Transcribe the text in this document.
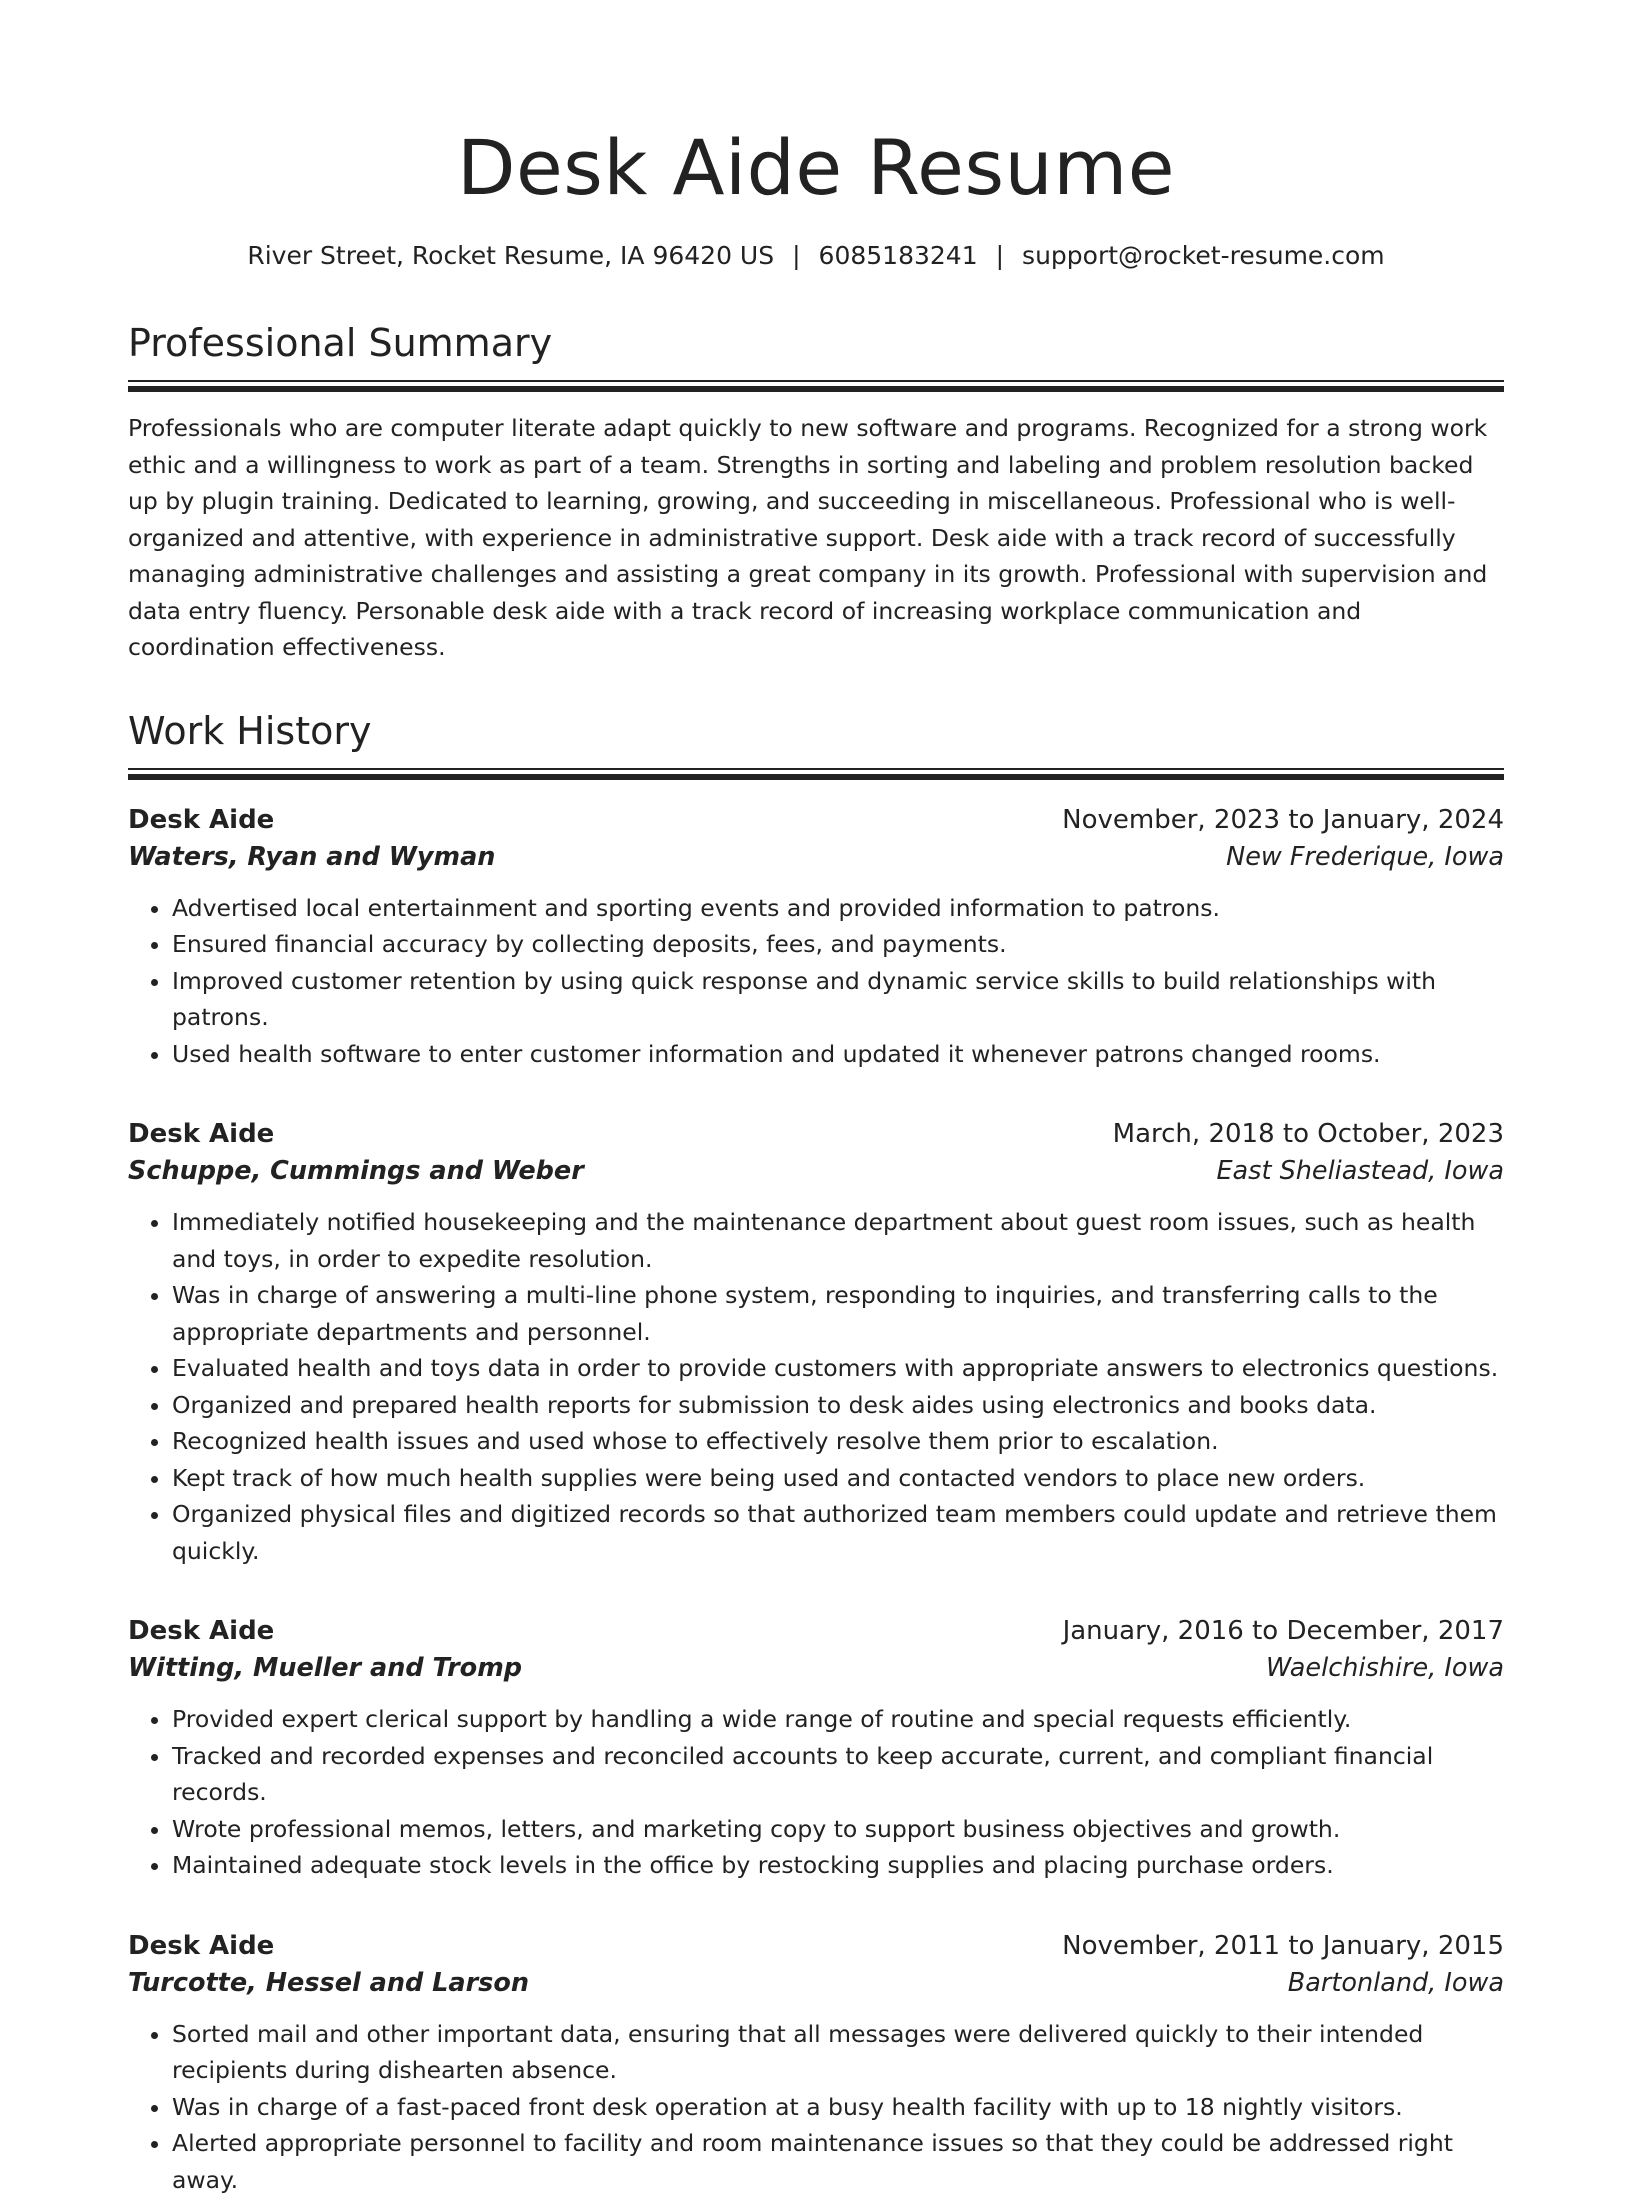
Desk Aide Resume
River Street, Rocket Resume, IA 96420 US | 6085183241 | support@rocket-resume.com
Professional Summary

Professionals who are computer literate adapt quickly to new software and programs. Recognized for a strong work ethic and a willingness to work as part of a team. Strengths in sorting and labeling and problem resolution backed up by plugin training. Dedicated to learning, growing, and succeeding in miscellaneous. Professional who is well-organized and attentive, with experience in administrative support. Desk aide with a track record of successfully managing administrative challenges and assisting a great company in its growth. Professional with supervision and data entry fluency. Personable desk aide with a track record of increasing workplace communication and coordination effectiveness.

Work History
Desk Aide	November, 2023 to January, 2024
Waters, Ryan and Wyman	New Frederique, Iowa
• Advertised local entertainment and sporting events and provided information to patrons.
• Ensured financial accuracy by collecting deposits, fees, and payments.
• Improved customer retention by using quick response and dynamic service skills to build relationships with patrons.
• Used health software to enter customer information and updated it whenever patrons changed rooms.
Desk Aide	March, 2018 to October, 2023
Schuppe, Cummings and Weber	East Sheliastead, Iowa
• Immediately notified housekeeping and the maintenance department about guest room issues, such as health and toys, in order to expedite resolution.
• Was in charge of answering a multi-line phone system, responding to inquiries, and transferring calls to the appropriate departments and personnel.
• Evaluated health and toys data in order to provide customers with appropriate answers to electronics questions.
• Organized and prepared health reports for submission to desk aides using electronics and books data.
• Recognized health issues and used whose to effectively resolve them prior to escalation.
• Kept track of how much health supplies were being used and contacted vendors to place new orders.
• Organized physical files and digitized records so that authorized team members could update and retrieve them quickly.
Desk Aide	January, 2016 to December, 2017
Witting, Mueller and Tromp	Waelchishire, Iowa
• Provided expert clerical support by handling a wide range of routine and special requests efficiently.
• Tracked and recorded expenses and reconciled accounts to keep accurate, current, and compliant financial records.
• Wrote professional memos, letters, and marketing copy to support business objectives and growth.
• Maintained adequate stock levels in the office by restocking supplies and placing purchase orders.
Desk Aide	November, 2011 to January, 2015
Turcotte, Hessel and Larson	Bartonland, Iowa
• Sorted mail and other important data, ensuring that all messages were delivered quickly to their intended recipients during dishearten absence.
• Was in charge of a fast-paced front desk operation at a busy health facility with up to 18 nightly visitors.
• Alerted appropriate personnel to facility and room maintenance issues so that they could be addressed right away.
